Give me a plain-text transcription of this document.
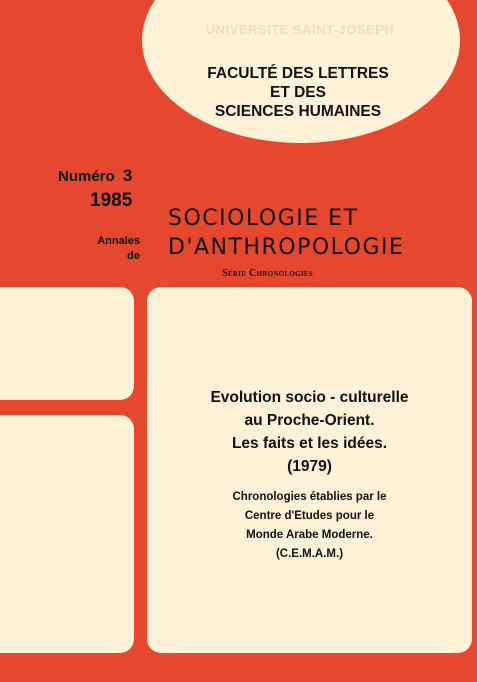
UNIVERSITÉ SAINT-JOSEPH
FACULTÉ DES LETTRES
ET DES
SCIENCES HUMAINES
Numéro 3
1985
Annales
de
SOCIOLOGIE ET
D'ANTHROPOLOGIE
Série Chronologies
Evolution socio - culturelle
au Proche-Orient.
Les faits et les idées.
(1979)
Chronologies établies par le
Centre d'Etudes pour le
Monde Arabe Moderne.
(C.E.M.A.M.)
